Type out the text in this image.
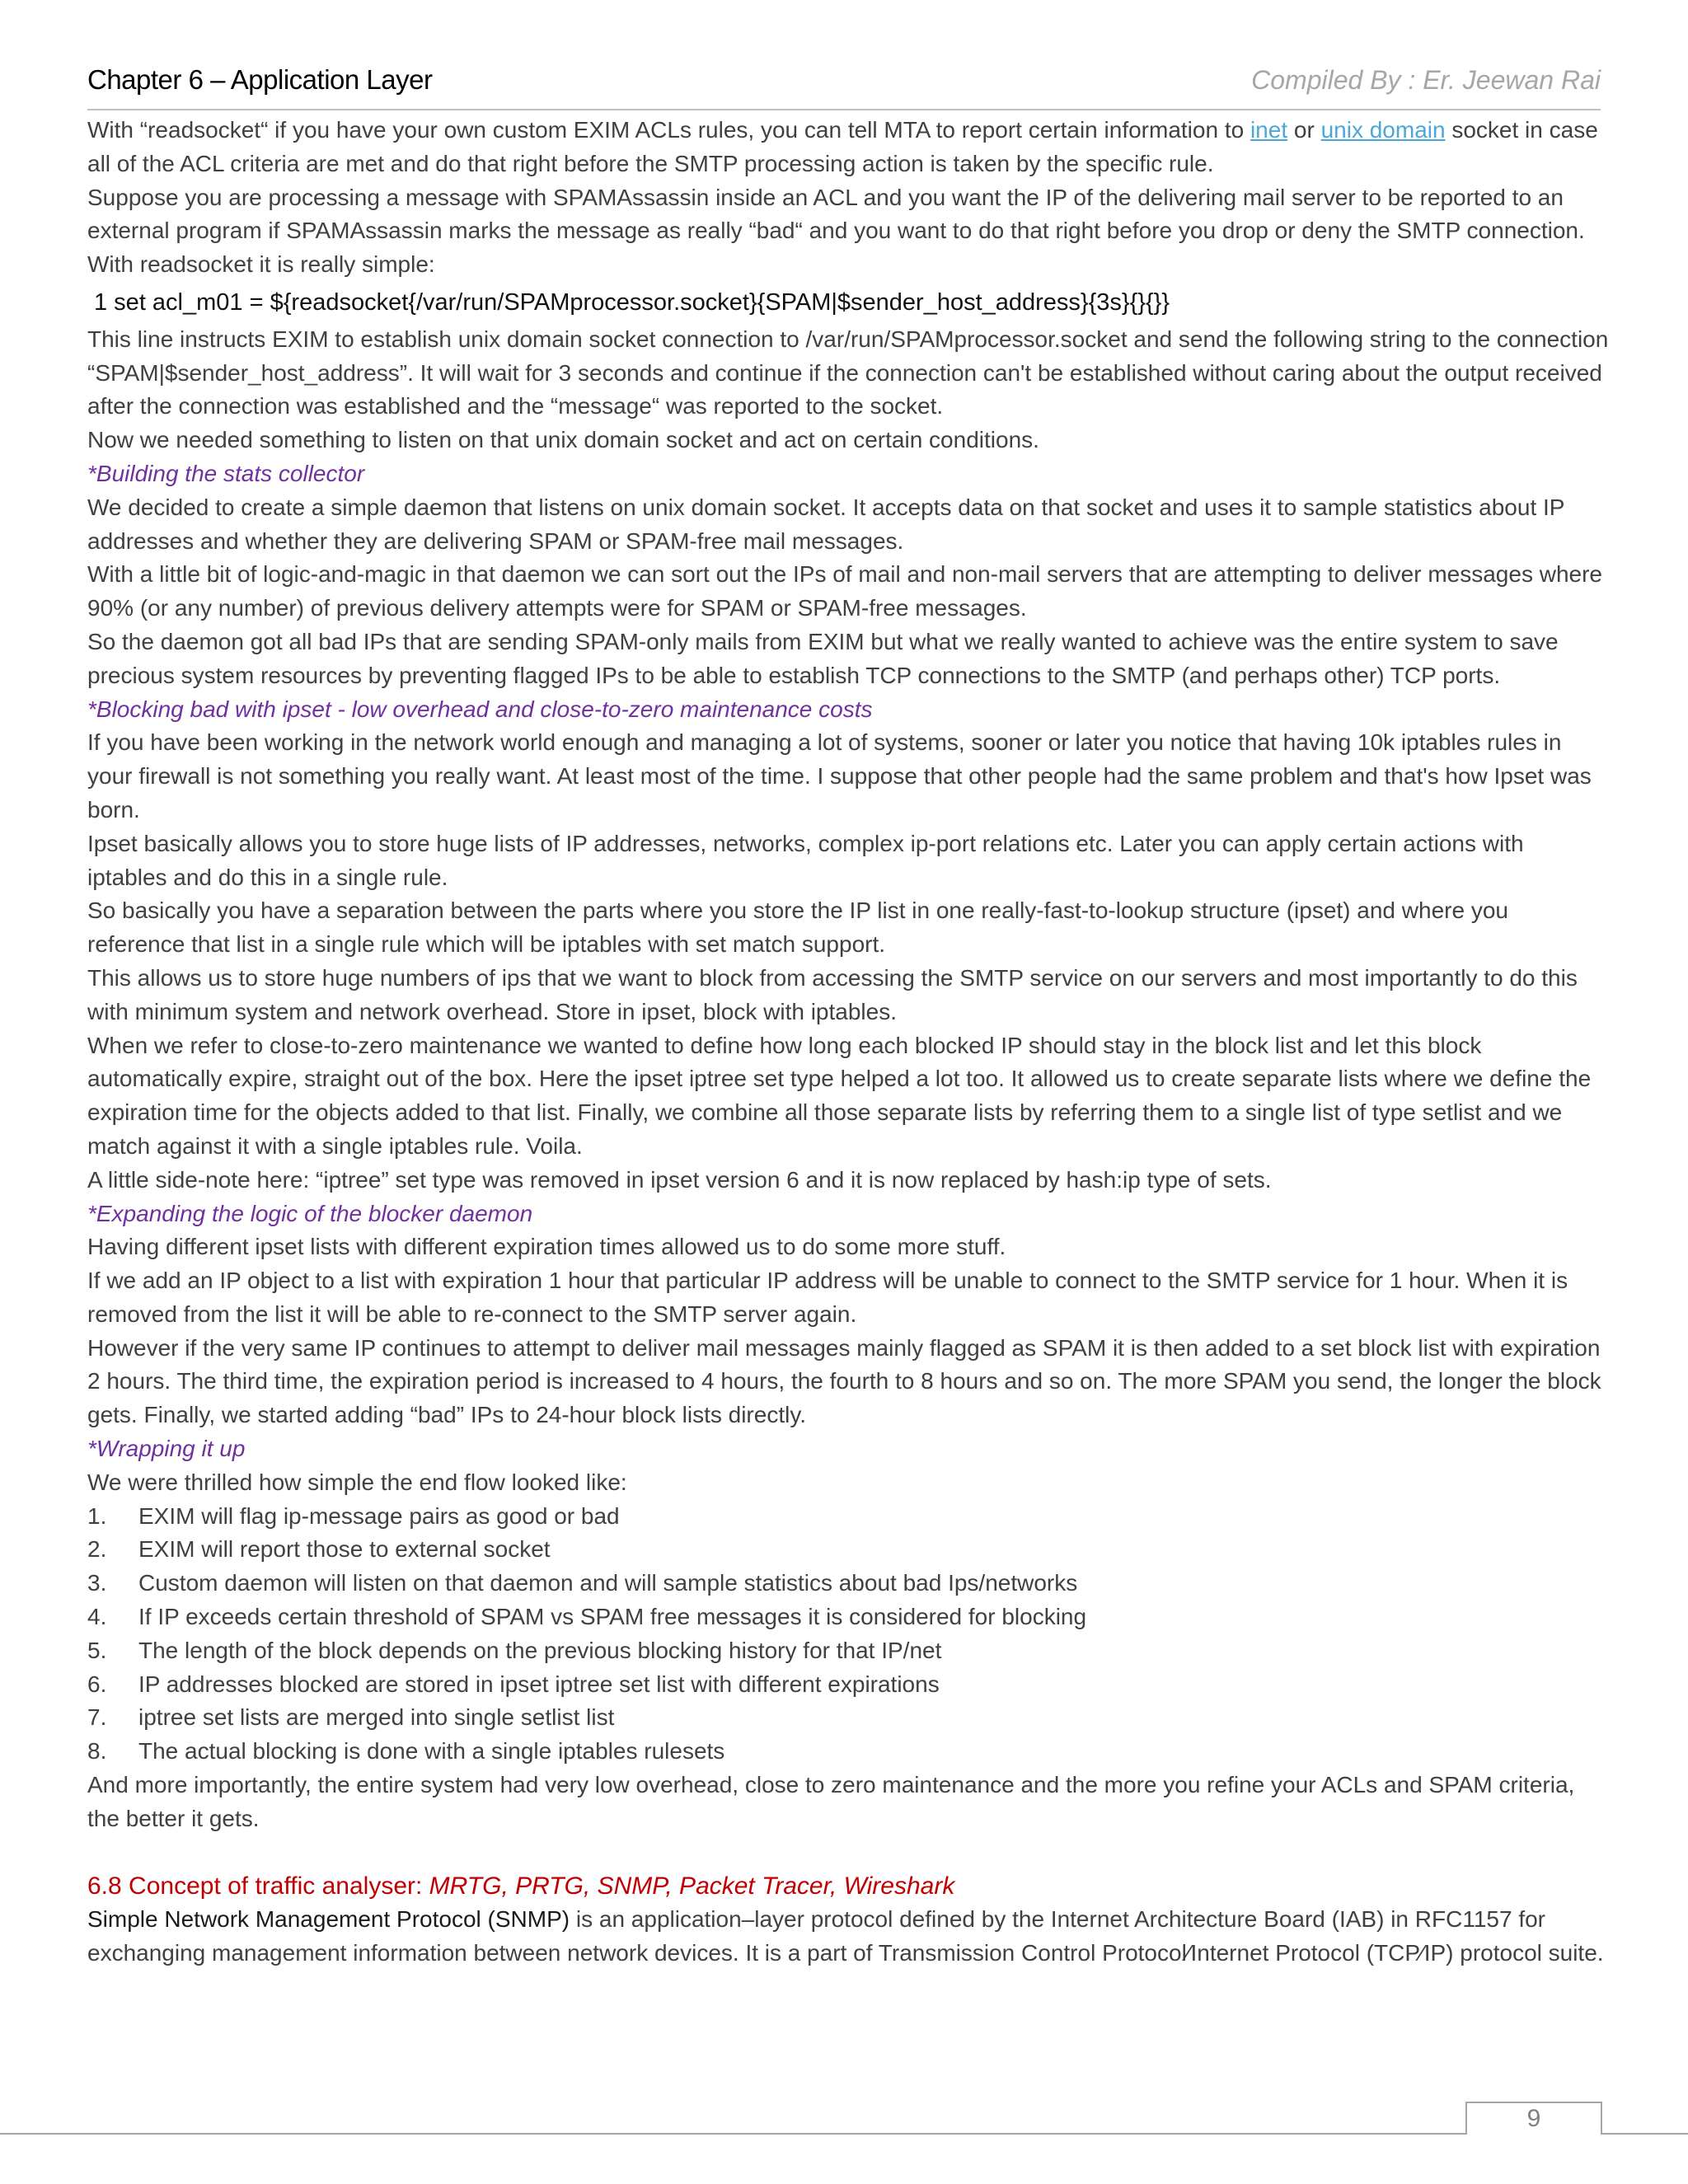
Chapter 6 – Application Layer	Compiled By : Er. Jeewan Rai

With “readsocket“ if you have your own custom EXIM ACLs rules, you can tell MTA to report certain information to inet or unix domain socket in case all of the ACL criteria are met and do that right before the SMTP processing action is taken by the specific rule.

Suppose you are processing a message with SPAMAssassin inside an ACL and you want the IP of the delivering mail server to be reported to an external program if SPAMAssassin marks the message as really “bad“ and you want to do that right before you drop or deny the SMTP connection. With readsocket it is really simple:

1 set acl_m01 = ${readsocket{/var/run/SPAMprocessor.socket}{SPAM|$sender_host_address}{3s}{}{}}

This line instructs EXIM to establish unix domain socket connection to /var/run/SPAMprocessor.socket and send the following string to the connection “SPAM|$sender_host_address”. It will wait for 3 seconds and continue if the connection can't be established without caring about the output received after the connection was established and the “message“ was reported to the socket.

Now we needed something to listen on that unix domain socket and act on certain conditions.

*Building the stats collector

We decided to create a simple daemon that listens on unix domain socket. It accepts data on that socket and uses it to sample statistics about IP addresses and whether they are delivering SPAM or SPAM-free mail messages.

With a little bit of logic-and-magic in that daemon we can sort out the IPs of mail and non-mail servers that are attempting to deliver messages where 90% (or any number) of previous delivery attempts were for SPAM or SPAM-free messages.

So the daemon got all bad IPs that are sending SPAM-only mails from EXIM but what we really wanted to achieve was the entire system to save precious system resources by preventing flagged IPs to be able to establish TCP connections to the SMTP (and perhaps other) TCP ports.

*Blocking bad with ipset - low overhead and close-to-zero maintenance costs

If you have been working in the network world enough and managing a lot of systems, sooner or later you notice that having 10k iptables rules in your firewall is not something you really want. At least most of the time. I suppose that other people had the same problem and that's how Ipset was born.

Ipset basically allows you to store huge lists of IP addresses, networks, complex ip-port relations etc. Later you can apply certain actions with iptables and do this in a single rule.

So basically you have a separation between the parts where you store the IP list in one really-fast-to-lookup structure (ipset) and where you reference that list in a single rule which will be iptables with set match support.

This allows us to store huge numbers of ips that we want to block from accessing the SMTP service on our servers and most importantly to do this with minimum system and network overhead. Store in ipset, block with iptables.

When we refer to close-to-zero maintenance we wanted to define how long each blocked IP should stay in the block list and let this block automatically expire, straight out of the box. Here the ipset iptree set type helped a lot too. It allowed us to create separate lists where we define the expiration time for the objects added to that list. Finally, we combine all those separate lists by referring them to a single list of type setlist and we match against it with a single iptables rule. Voila.

A little side-note here: “iptree” set type was removed in ipset version 6 and it is now replaced by hash:ip type of sets.

*Expanding the logic of the blocker daemon

Having different ipset lists with different expiration times allowed us to do some more stuff.

If we add an IP object to a list with expiration 1 hour that particular IP address will be unable to connect to the SMTP service for 1 hour. When it is removed from the list it will be able to re-connect to the SMTP server again.

However if the very same IP continues to attempt to deliver mail messages mainly flagged as SPAM it is then added to a set block list with expiration 2 hours. The third time, the expiration period is increased to 4 hours, the fourth to 8 hours and so on. The more SPAM you send, the longer the block gets. Finally, we started adding “bad” IPs to 24-hour block lists directly.

*Wrapping it up

We were thrilled how simple the end flow looked like:

1. EXIM will flag ip-message pairs as good or bad
2. EXIM will report those to external socket
3. Custom daemon will listen on that daemon and will sample statistics about bad Ips/networks
4. If IP exceeds certain threshold of SPAM vs SPAM free messages it is considered for blocking
5. The length of the block depends on the previous blocking history for that IP/net
6. IP addresses blocked are stored in ipset iptree set list with different expirations
7. iptree set lists are merged into single setlist list
8. The actual blocking is done with a single iptables rulesets

And more importantly, the entire system had very low overhead, close to zero maintenance and the more you refine your ACLs and SPAM criteria, the better it gets.

6.8 Concept of traffic analyser: MRTG, PRTG, SNMP, Packet Tracer, Wireshark

Simple Network Management Protocol (SNMP) is an application–layer protocol defined by the Internet Architecture Board (IAB) in RFC1157 for exchanging management information between network devices. It is a part of Transmission Control Protocol⁄Internet Protocol (TCP⁄IP) protocol suite.

9
